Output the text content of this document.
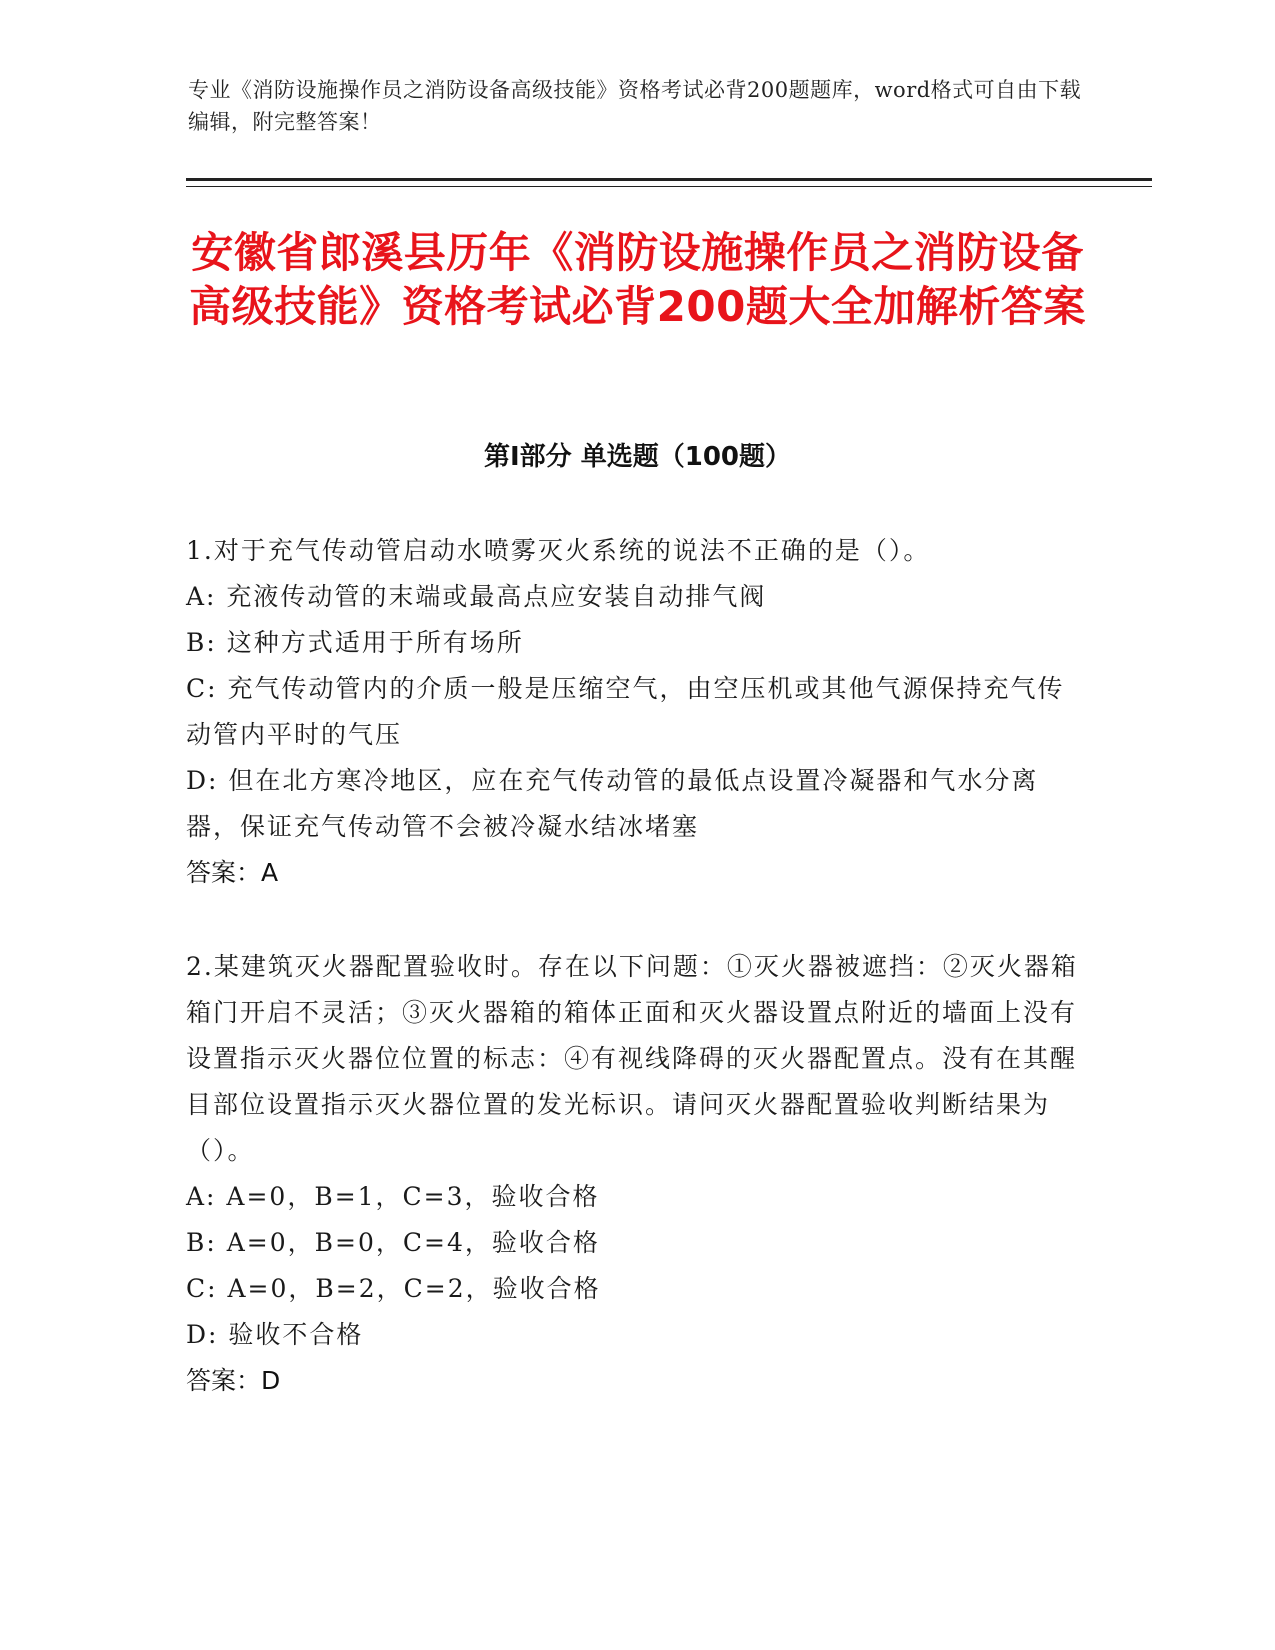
专业《消防设施操作员之消防设备高级技能》资格考试必背200题题库，word格式可自由下载编辑，附完整答案！
安徽省郎溪县历年《消防设施操作员之消防设备高级技能》资格考试必背200题大全加解析答案
第Ⅰ部分 单选题（100题）

1.对于充气传动管启动水喷雾灭火系统的说法不正确的是（）。

A: 充液传动管的末端或最高点应安装自动排气阀

B: 这种方式适用于所有场所

C: 充气传动管内的介质一般是压缩空气，由空压机或其他气源保持充气传动管内平时的气压

D: 但在北方寒冷地区，应在充气传动管的最低点设置冷凝器和气水分离器，保证充气传动管不会被冷凝水结冰堵塞

答案：A

2.某建筑灭火器配置验收时。存在以下问题：①灭火器被遮挡：②灭火器箱箱门开启不灵活；③灭火器箱的箱体正面和灭火器设置点附近的墙面上没有设置指示灭火器位位置的标志：④有视线降碍的灭火器配置点。没有在其醒目部位设置指示灭火器位置的发光标识。请问灭火器配置验收判断结果为（）。

A: A=0，B=1，C=3，验收合格

B: A=0，B=0，C=4，验收合格

C: A=0，B=2，C=2，验收合格

D: 验收不合格

答案：D
